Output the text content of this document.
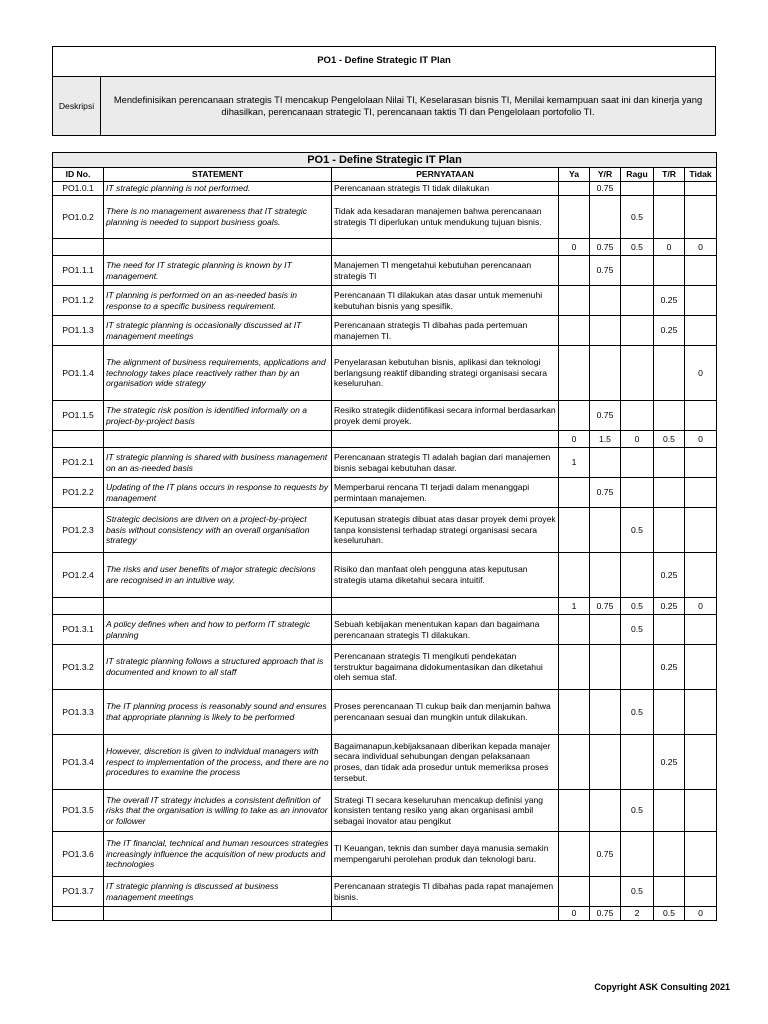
PO1 - Define Strategic IT Plan
Deskripsi	Mendefinisikan perencanaan strategis TI mencakup Pengelolaan Nilai TI, Keselarasan bisnis TI, Menilai kemampuan saat ini dan kinerja yang dihasilkan, perencanaan strategic TI, perencanaan taktis TI dan Pengelolaan portofolio TI.
PO1 - Define Strategic IT Plan							
ID No.	STATEMENT	PERNYATAAN	Ya	Y/R	Ragu	T/R	Tidak
PO1.0.1	IT strategic planning is not performed.	Perencanaan strategis TI tidak dilakukan		0.75			
PO1.0.2	There is no management awareness that IT strategic planning is needed to support business goals.	Tidak ada kesadaran manajemen bahwa perencanaan strategis TI diperlukan untuk mendukung tujuan bisnis.			0.5		
			0	0.75	0.5	0	0
PO1.1.1	The need for IT strategic planning is known by IT management.	Manajemen TI mengetahui kebutuhan perencanaan strategis TI		0.75			
PO1.1.2	IT planning is performed on an as-needed basis in response to a specific business requirement.	Perencanaan TI dilakukan atas dasar untuk memenuhi kebutuhan bisnis yang spesifik.				0.25	
PO1.1.3	IT strategic planning is occasionally discussed at IT management meetings	Perencanaan strategis TI dibahas pada pertemuan manajemen TI.				0.25	
PO1.1.4	The alignment of business requirements, applications and technology takes place reactively rather than by an organisation wide strategy	Penyelarasan kebutuhan bisnis, aplikasi dan teknologi berlangsung reaktif dibanding strategi organisasi secara keseluruhan.					0
PO1.1.5	The strategic risk position is identified informally on a project-by-project basis	Resiko strategik diidentifikasi secara informal berdasarkan proyek demi proyek.		0.75			
			0	1.5	0	0.5	0
PO1.2.1	IT strategic planning is shared with business management on an as-needed basis	Perencanaan strategis TI adalah bagian dari manajemen bisnis sebagai kebutuhan dasar.	1				
PO1.2.2	Updating of the IT plans occurs in response to requests by management	Memperbarui rencana TI terjadi dalam menanggapi permintaan manajemen.		0.75			
PO1.2.3	Strategic decisions are driven on a project-by-project basis without consistency with an overall organisation strategy	Keputusan strategis dibuat atas dasar proyek demi proyek tanpa konsistensi terhadap strategi organisasi secara keseluruhan.			0.5		
PO1.2.4	The risks and user benefits of major strategic decisions are recognised in an intuitive way.	Risiko dan manfaat oleh pengguna atas keputusan strategis utama diketahui secara intuitif.				0.25	
			1	0.75	0.5	0.25	0
PO1.3.1	A policy defines when and how to perform IT strategic planning	Sebuah kebijakan menentukan kapan dan bagaimana perencanaan strategis TI dilakukan.			0.5		
PO1.3.2	IT strategic planning follows a structured approach that is documented and known to all staff	Perencanaan strategis TI mengikuti pendekatan terstruktur bagaimana didokumentasikan dan diketahui oleh semua staf.				0.25	
PO1.3.3	The IT planning process is reasonably sound and ensures that appropriate planning is likely to be performed	Proses perencanaan TI cukup baik dan menjamin bahwa perencanaan sesuai dan mungkin untuk dilakukan.			0.5		
PO1.3.4	However, discretion is given to individual managers with respect to implementation of the process, and there are no procedures to examine the process	Bagaimanapun,kebijaksanaan diberikan kepada manajer secara individual sehubungan dengan pelaksanaan proses, dan tidak ada prosedur untuk memeriksa proses tersebut.				0.25	
PO1.3.5	The overall IT strategy includes a consistent definition of risks that the organisation is willing to take as an innovator or follower	Strategi TI secara keseluruhan mencakup definisi yang konsisten tentang resiko yang akan organisasi ambil sebagai inovator atau pengikut			0.5		
PO1.3.6	The IT financial, technical and human resources strategies increasingly influence the acquisition of new products and technologies	TI Keuangan, teknis dan sumber daya manusia semakin mempengaruhi perolehan produk dan teknologi baru.		0.75			
PO1.3.7	IT strategic planning is discussed at business management meetings	Perencanaan strategis TI dibahas pada rapat manajemen bisnis.			0.5		
			0	0.75	2	0.5	0
Copyright ASK Consulting 2021
